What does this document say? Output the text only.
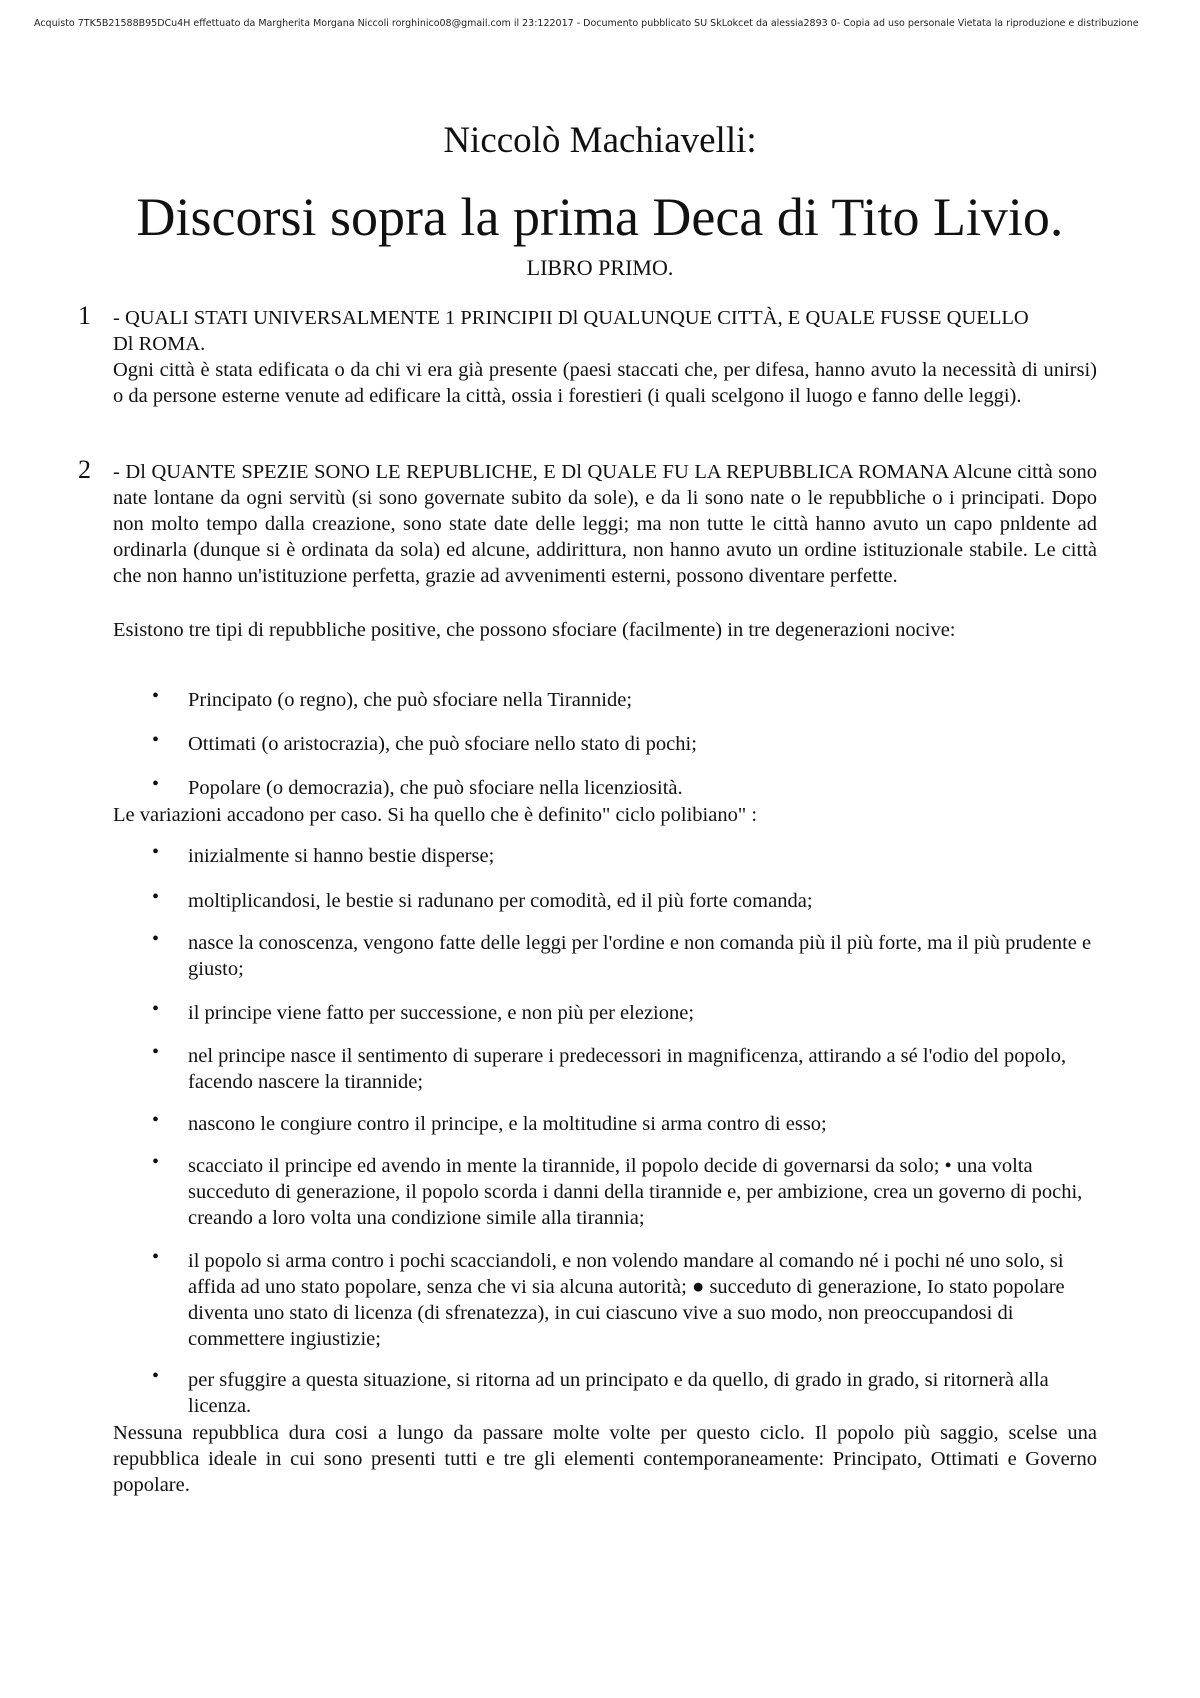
Acquisto 7TK5B21588B95DCu4H effettuato da Margherita Morgana Niccoli rorghinico08@gmail.com il 23:122017 - Documento pubblicato SU SkLokcet da alessia2893 0- Copia ad uso personale Vietata la riproduzione e distribuzione
Niccolò Machiavelli:
Discorsi sopra la prima Deca di Tito Livio.
LIBRO PRIMO.
1 - QUALI STATI UNIVERSALMENTE 1 PRINCIPII Dl QUALUNQUE CITTÀ, E QUALE FUSSE QUELLO Dl ROMA.
Ogni città è stata edificata o da chi vi era già presente (paesi staccati che, per difesa, hanno avuto la necessità di unirsi) o da persone esterne venute ad edificare la città, ossia i forestieri (i quali scelgono il luogo e fanno delle leggi).
2 - Dl QUANTE SPEZIE SONO LE REPUBLICHE, E Dl QUALE FU LA REPUBBLICA ROMANA Alcune città sono nate lontane da ogni servitù (si sono governate subito da sole), e da li sono nate o le repubbliche o i principati. Dopo non molto tempo dalla creazione, sono state date delle leggi; ma non tutte le città hanno avuto un capo pnldente ad ordinarla (dunque si è ordinata da sola) ed alcune, addirittura, non hanno avuto un ordine istituzionale stabile. Le città che non hanno un'istituzione perfetta, grazie ad avvenimenti esterni, possono diventare perfette.
Esistono tre tipi di repubbliche positive, che possono sfociare (facilmente) in tre degenerazioni nocive:
• Principato (o regno), che può sfociare nella Tirannide;
• Ottimati (o aristocrazia), che può sfociare nello stato di pochi;
• Popolare (o democrazia), che può sfociare nella licenziosità.
Le variazioni accadono per caso. Si ha quello che è definito" ciclo polibiano" :
• inizialmente si hanno bestie disperse;
• moltiplicandosi, le bestie si radunano per comodità, ed il più forte comanda;
• nasce la conoscenza, vengono fatte delle leggi per l'ordine e non comanda più il più forte, ma il più prudente e giusto;
• il principe viene fatto per successione, e non più per elezione;
• nel principe nasce il sentimento di superare i predecessori in magnificenza, attirando a sé l'odio del popolo, facendo nascere la tirannide;
• nascono le congiure contro il principe, e la moltitudine si arma contro di esso;
• scacciato il principe ed avendo in mente la tirannide, il popolo decide di governarsi da solo; • una volta succeduto di generazione, il popolo scorda i danni della tirannide e, per ambizione, crea un governo di pochi, creando a loro volta una condizione simile alla tirannia;
• il popolo si arma contro i pochi scacciandoli, e non volendo mandare al comando né i pochi né uno solo, si affida ad uno stato popolare, senza che vi sia alcuna autorità; ● succeduto di generazione, Io stato popolare diventa uno stato di licenza (di sfrenatezza), in cui ciascuno vive a suo modo, non preoccupandosi di commettere ingiustizie;
• per sfuggire a questa situazione, si ritorna ad un principato e da quello, di grado in grado, si ritornerà alla licenza.
Nessuna repubblica dura cosi a lungo da passare molte volte per questo ciclo. Il popolo più saggio, scelse una repubblica ideale in cui sono presenti tutti e tre gli elementi contemporaneamente: Principato, Ottimati e Governo popolare.
